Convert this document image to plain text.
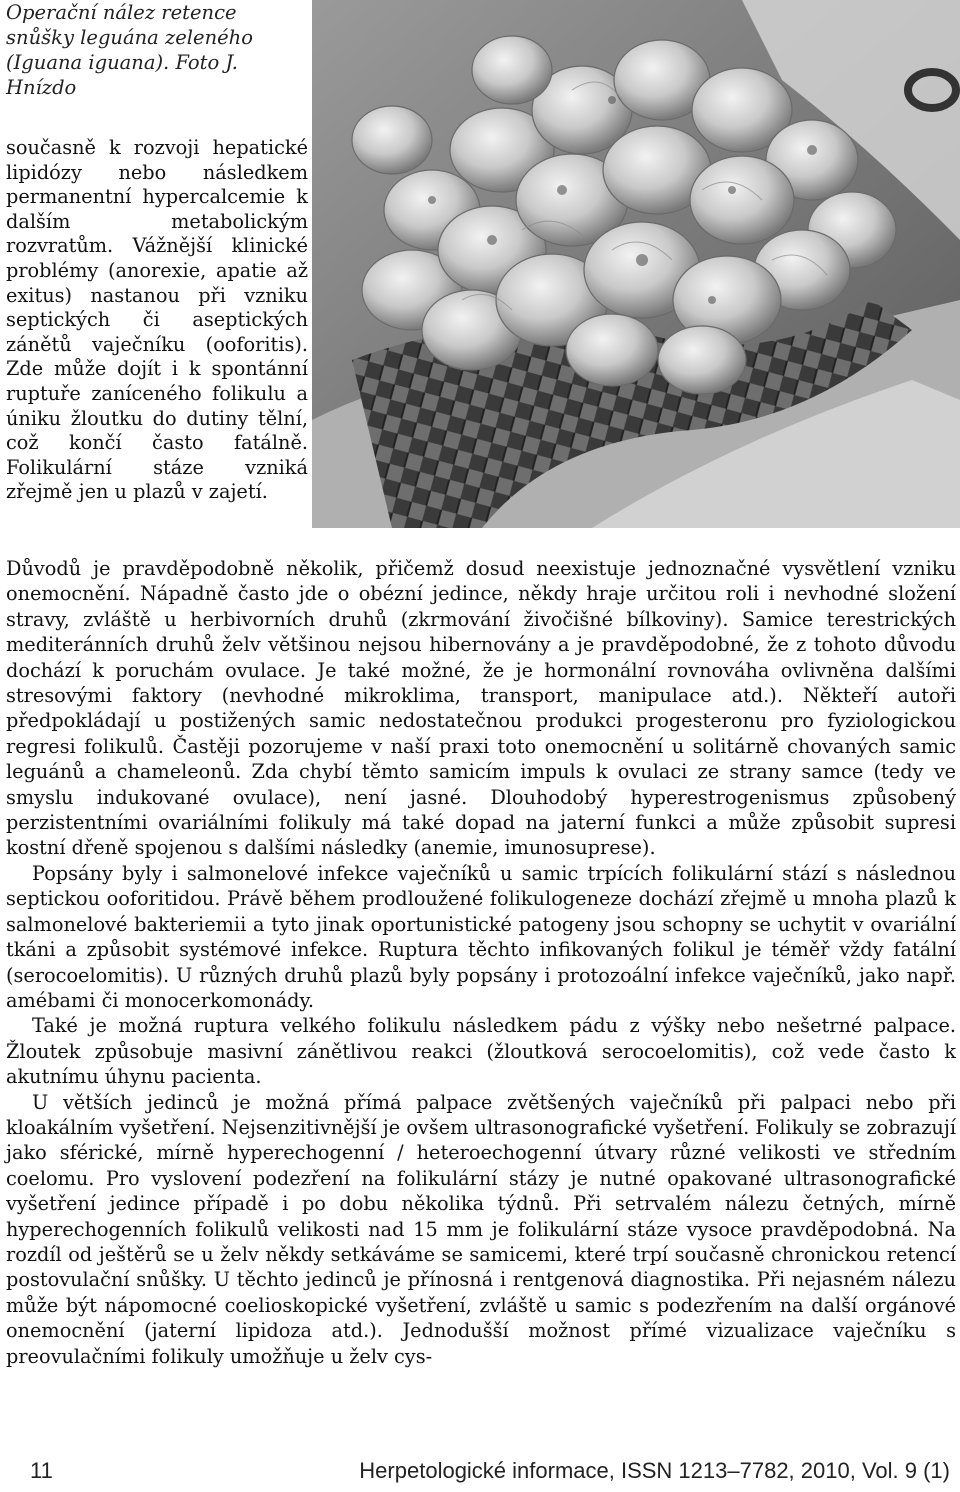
Operační nález retence snůšky leguána zeleného (Iguana iguana). Foto J. Hnízdo

současně k rozvoji hepatické lipidózy nebo následkem permanentní hypercalcemie k dalším metabolickým rozvratům. Vážnější klinické problémy (anorexie, apatie až exitus) nastanou při vzniku septických či aseptických zánětů vaječníku (ooforitis). Zde může dojít i k spontánní ruptuře zaníceného folikulu a úniku žloutku do dutiny tělní, což končí často fatálně. Folikulární stáze vzniká zřejmě jen u plazů v zajetí.

Důvodů je pravděpodobně několik, přičemž dosud neexistuje jednoznačné vysvětlení vzniku onemocnění. Nápadně často jde o obézní jedince, někdy hraje určitou roli i nevhodné složení stravy, zvláště u herbivorních druhů (zkrmování živočišné bílkoviny). Samice terestrických mediteránních druhů želv většinou nejsou hibernovány a je pravděpodobné, že z tohoto důvodu dochází k poruchám ovulace. Je také možné, že je hormonální rovnováha ovlivněna dalšími stresovými faktory (nevhodné mikroklima, transport, manipulace atd.). Někteří autoři předpokládají u postižených samic nedostatečnou produkci progesteronu pro fyziologickou regresi folikulů. Častěji pozorujeme v naší praxi toto onemocnění u solitárně chovaných samic leguánů a chameleonů. Zda chybí těmto samicím impuls k ovulaci ze strany samce (tedy ve smyslu indukované ovulace), není jasné. Dlouhodobý hyperestrogenismus způsobený perzistentními ovariálními folikuly má také dopad na jaterní funkci a může způsobit supresi kostní dřeně spojenou s dalšími následky (anemie, imunosuprese).

Popsány byly i salmonelové infekce vaječníků u samic trpících folikulární stází s následnou septickou ooforitidou. Právě během prodloužené folikulogeneze dochází zřejmě u mnoha plazů k salmonelové bakteriemii a tyto jinak oportunistické patogeny jsou schopny se uchytit v ovariální tkáni a způsobit systémové infekce. Ruptura těchto infikovaných folikul je téměř vždy fatální (serocoelomitis). U různých druhů plazů byly popsány i protozoální infekce vaječníků, jako např. amébami či monocerkomonády.

Také je možná ruptura velkého folikulu následkem pádu z výšky nebo nešetrné palpace. Žloutek způsobuje masivní zánětlivou reakci (žloutková serocoelomitis), což vede často k akutnímu úhynu pacienta.

U větších jedinců je možná přímá palpace zvětšených vaječníků při palpaci nebo při kloakálním vyšetření. Nejsenzitivnější je ovšem ultrasonografické vyšetření. Folikuly se zobrazují jako sférické, mírně hyperechogenní / heteroechogenní útvary různé velikosti ve středním coelomu. Pro vyslovení podezření na folikulární stázy je nutné opakované ultrasonografické vyšetření jedince případě i po dobu několika týdnů. Při setrvalém nálezu četných, mírně hyperechogenních folikulů velikosti nad 15 mm je folikulární stáze vysoce pravděpodobná. Na rozdíl od ještěrů se u želv někdy setkáváme se samicemi, které trpí současně chronickou retencí postovulační snůšky. U těchto jedinců je přínosná i rentgenová diagnostika. Při nejasném nálezu může být nápomocné coelioskopické vyšetření, zvláště u samic s podezřením na další orgánové onemocnění (jaterní lipidoza atd.). Jednodušší možnost přímé vizualizace vaječníku s preovulačními folikuly umožňuje u želv cys-

11	Herpetologické informace, ISSN 1213–7782, 2010, Vol. 9 (1)
